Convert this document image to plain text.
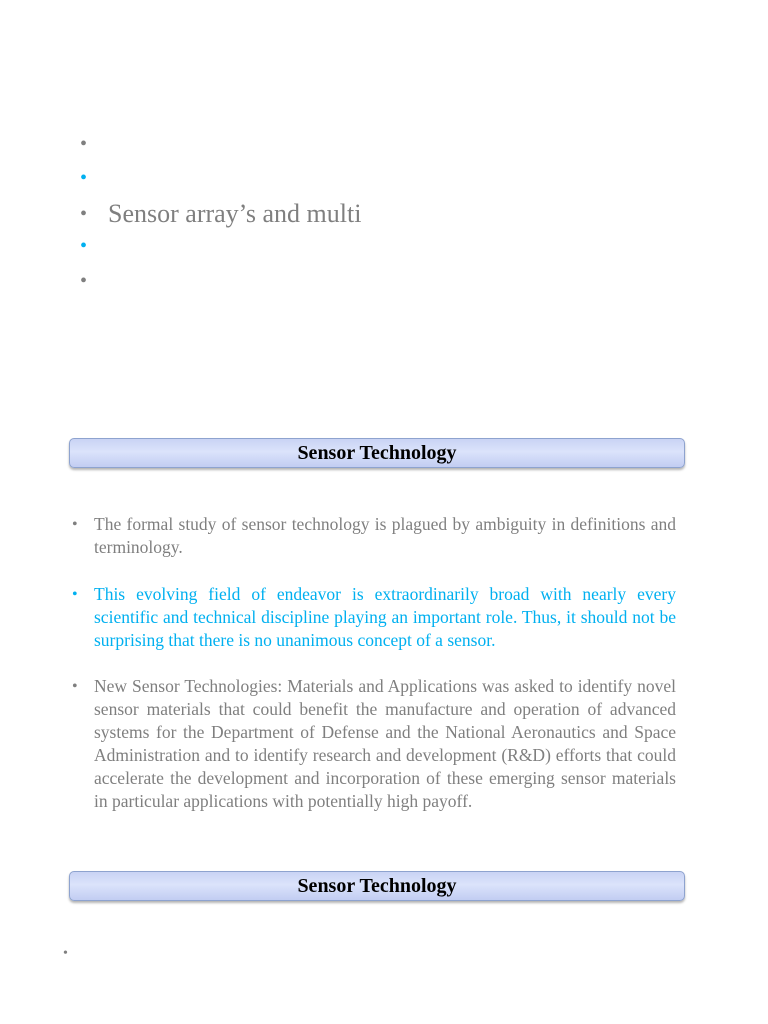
•
•
• Sensor array’s and multi
•
•
Sensor Technology
• The formal study of sensor technology is plagued by ambiguity in definitions and terminology.
• This evolving field of endeavor is extraordinarily broad with nearly every scientific and technical discipline playing an important role. Thus, it should not be surprising that there is no unanimous concept of a sensor.
• New Sensor Technologies: Materials and Applications was asked to identify novel sensor materials that could benefit the manufacture and operation of advanced systems for the Department of Defense and the National Aeronautics and Space Administration and to identify research and development (R&D) efforts that could accelerate the development and incorporation of these emerging sensor materials in particular applications with potentially high payoff.
Sensor Technology
•
